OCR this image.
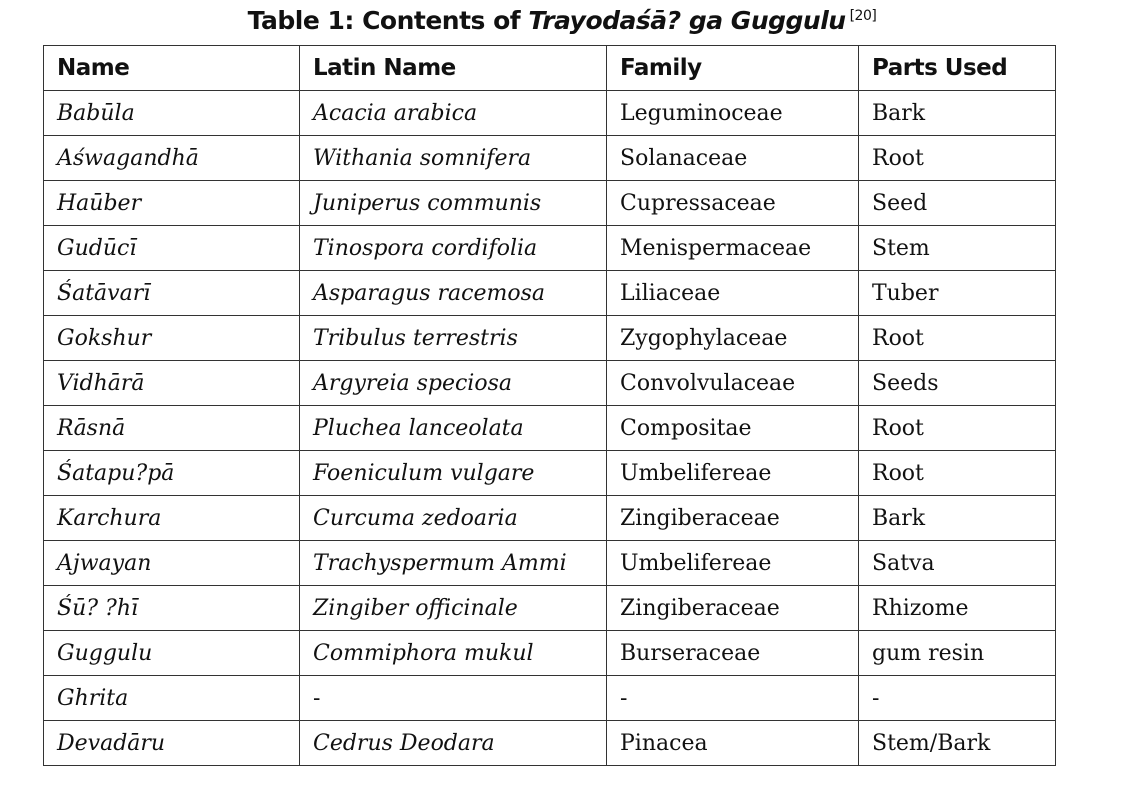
Table 1: Contents of Trayodaśā? ga Guggulu [20]
Name	Latin Name	Family	Parts Used
Babūla	Acacia arabica	Leguminoceae	Bark
Aśwagandhā	Withania somnifera	Solanaceae	Root
Haūber	Juniperus communis	Cupressaceae	Seed
Gudūcī	Tinospora cordifolia	Menispermaceae	Stem
Śatāvarī	Asparagus racemosa	Liliaceae	Tuber
Gokshur	Tribulus terrestris	Zygophylaceae	Root
Vidhārā	Argyreia speciosa	Convolvulaceae	Seeds
Rāsnā	Pluchea lanceolata	Compositae	Root
Śatapu?pā	Foeniculum vulgare	Umbelifereae	Root
Karchura	Curcuma zedoaria	Zingiberaceae	Bark
Ajwayan	Trachyspermum Ammi	Umbelifereae	Satva
Śū? ?hī	Zingiber officinale	Zingiberaceae	Rhizome
Guggulu	Commiphora mukul	Burseraceae	gum resin
Ghrita	-	-	-
Devadāru	Cedrus Deodara	Pinacea	Stem/Bark
